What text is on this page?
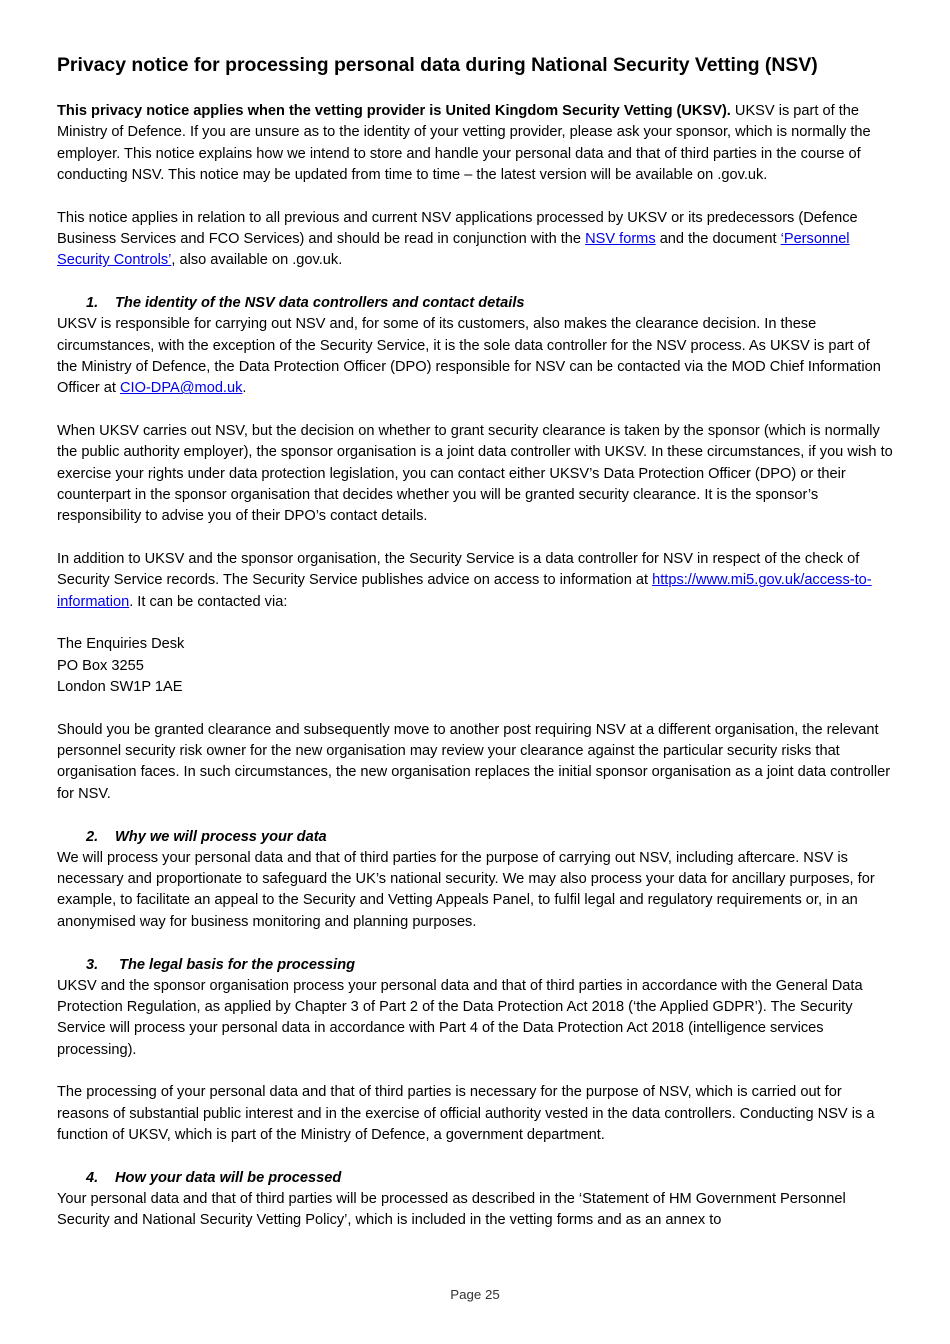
Privacy notice for processing personal data during National Security Vetting (NSV)

This privacy notice applies when the vetting provider is United Kingdom Security Vetting (UKSV). UKSV is part of the Ministry of Defence. If you are unsure as to the identity of your vetting provider, please ask your sponsor, which is normally the employer. This notice explains how we intend to store and handle your personal data and that of third parties in the course of conducting NSV. This notice may be updated from time to time – the latest version will be available on .gov.uk.

This notice applies in relation to all previous and current NSV applications processed by UKSV or its predecessors (Defence Business Services and FCO Services) and should be read in conjunction with the NSV forms and the document ‘Personnel Security Controls’, also available on .gov.uk.

1. The identity of the NSV data controllers and contact details

UKSV is responsible for carrying out NSV and, for some of its customers, also makes the clearance decision. In these circumstances, with the exception of the Security Service, it is the sole data controller for the NSV process. As UKSV is part of the Ministry of Defence, the Data Protection Officer (DPO) responsible for NSV can be contacted via the MOD Chief Information Officer at CIO-DPA@mod.uk.

When UKSV carries out NSV, but the decision on whether to grant security clearance is taken by the sponsor (which is normally the public authority employer), the sponsor organisation is a joint data controller with UKSV. In these circumstances, if you wish to exercise your rights under data protection legislation, you can contact either UKSV’s Data Protection Officer (DPO) or their counterpart in the sponsor organisation that decides whether you will be granted security clearance. It is the sponsor’s responsibility to advise you of their DPO’s contact details.

In addition to UKSV and the sponsor organisation, the Security Service is a data controller for NSV in respect of the check of Security Service records. The Security Service publishes advice on access to information at https://www.mi5.gov.uk/access-to-information. It can be contacted via:

The Enquiries Desk

PO Box 3255

London SW1P 1AE

Should you be granted clearance and subsequently move to another post requiring NSV at a different organisation, the relevant personnel security risk owner for the new organisation may review your clearance against the particular security risks that organisation faces. In such circumstances, the new organisation replaces the initial sponsor organisation as a joint data controller for NSV.

2. Why we will process your data

We will process your personal data and that of third parties for the purpose of carrying out NSV, including aftercare. NSV is necessary and proportionate to safeguard the UK’s national security. We may also process your data for ancillary purposes, for example, to facilitate an appeal to the Security and Vetting Appeals Panel, to fulfil legal and regulatory requirements or, in an anonymised way for business monitoring and planning purposes.

3. The legal basis for the processing

UKSV and the sponsor organisation process your personal data and that of third parties in accordance with the General Data Protection Regulation, as applied by Chapter 3 of Part 2 of the Data Protection Act 2018 (‘the Applied GDPR’). The Security Service will process your personal data in accordance with Part 4 of the Data Protection Act 2018 (intelligence services processing).

The processing of your personal data and that of third parties is necessary for the purpose of NSV, which is carried out for reasons of substantial public interest and in the exercise of official authority vested in the data controllers. Conducting NSV is a function of UKSV, which is part of the Ministry of Defence, a government department.

4. How your data will be processed

Your personal data and that of third parties will be processed as described in the ‘Statement of HM Government Personnel Security and National Security Vetting Policy’, which is included in the vetting forms and as an annex to

Page 25
